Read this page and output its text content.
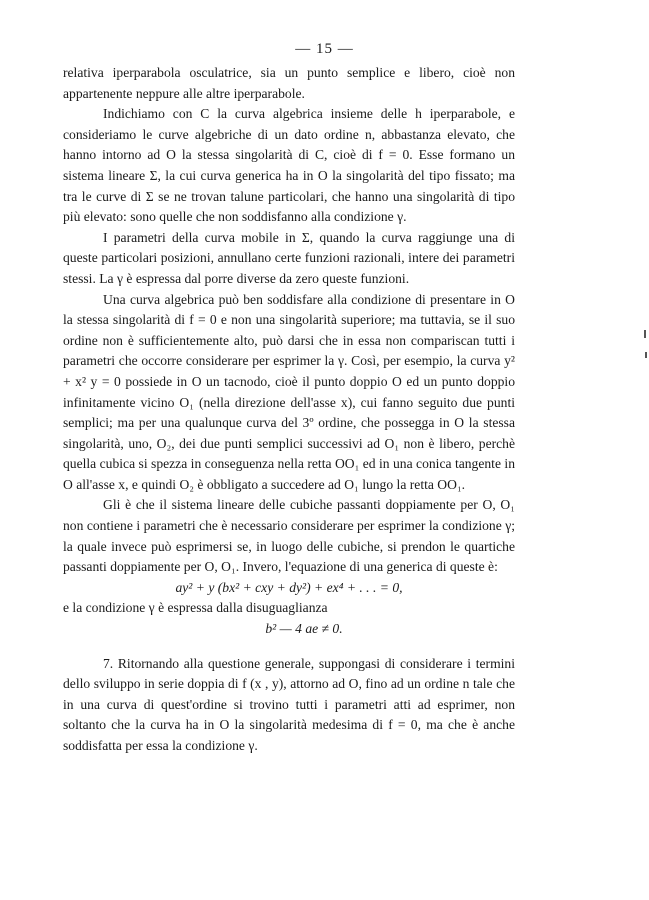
— 15 —

relativa iperparabola osculatrice, sia un punto semplice e libero, cioè non appartenente neppure alle altre iperparabole.

Indichiamo con C la curva algebrica insieme delle h iperparabole, e consideriamo le curve algebriche di un dato ordine n, abbastanza elevato, che hanno intorno ad O la stessa singolarità di C, cioè di f = 0. Esse formano un sistema lineare Σ, la cui curva generica ha in O la singolarità del tipo fissato; ma tra le curve di Σ se ne trovan talune particolari, che hanno una singolarità di tipo più elevato: sono quelle che non soddisfanno alla condizione γ.

I parametri della curva mobile in Σ, quando la curva raggiunge una di queste particolari posizioni, annullano certe funzioni razionali, intere dei parametri stessi. La γ è espressa dal porre diverse da zero queste funzioni.

Una curva algebrica può ben soddisfare alla condizione di presentare in O la stessa singolarità di f = 0 e non una singolarità superiore; ma tuttavia, se il suo ordine non è sufficientemente alto, può darsi che in essa non compariscan tutti i parametri che occorre considerare per esprimer la γ. Così, per esempio, la curva y² + x² y = 0 possiede in O un tacnodo, cioè il punto doppio O ed un punto doppio infinitamente vicino O₁ (nella direzione dell'asse x), cui fanno seguito due punti semplici; ma per una qualunque curva del 3º ordine, che possegga in O la stessa singolarità, uno, O₂, dei due punti semplici successivi ad O₁ non è libero, perchè quella cubica si spezza in conseguenza nella retta OO₁ ed in una conica tangente in O all'asse x, e quindi O₂ è obbligato a succedere ad O₁ lungo la retta OO₁.

Gli è che il sistema lineare delle cubiche passanti doppiamente per O, O₁ non contiene i parametri che è necessario considerare per esprimer la condizione γ; la quale invece può esprimersi se, in luogo delle cubiche, si prendon le quartiche passanti doppiamente per O, O₁. Invero, l'equazione di una generica di queste è:

ay² + y (bx² + cxy + dy²) + ex⁴ + . . . = 0,

e la condizione γ è espressa dalla disuguaglianza

b² — 4 ae ≠ 0.

7. Ritornando alla questione generale, suppongasi di considerare i termini dello sviluppo in serie doppia di f (x , y), attorno ad O, fino ad un ordine n tale che in una curva di quest'ordine si trovino tutti i parametri atti ad esprimer, non soltanto che la curva ha in O la singolarità medesima di f = 0, ma che è anche soddisfatta per essa la condizione γ.
